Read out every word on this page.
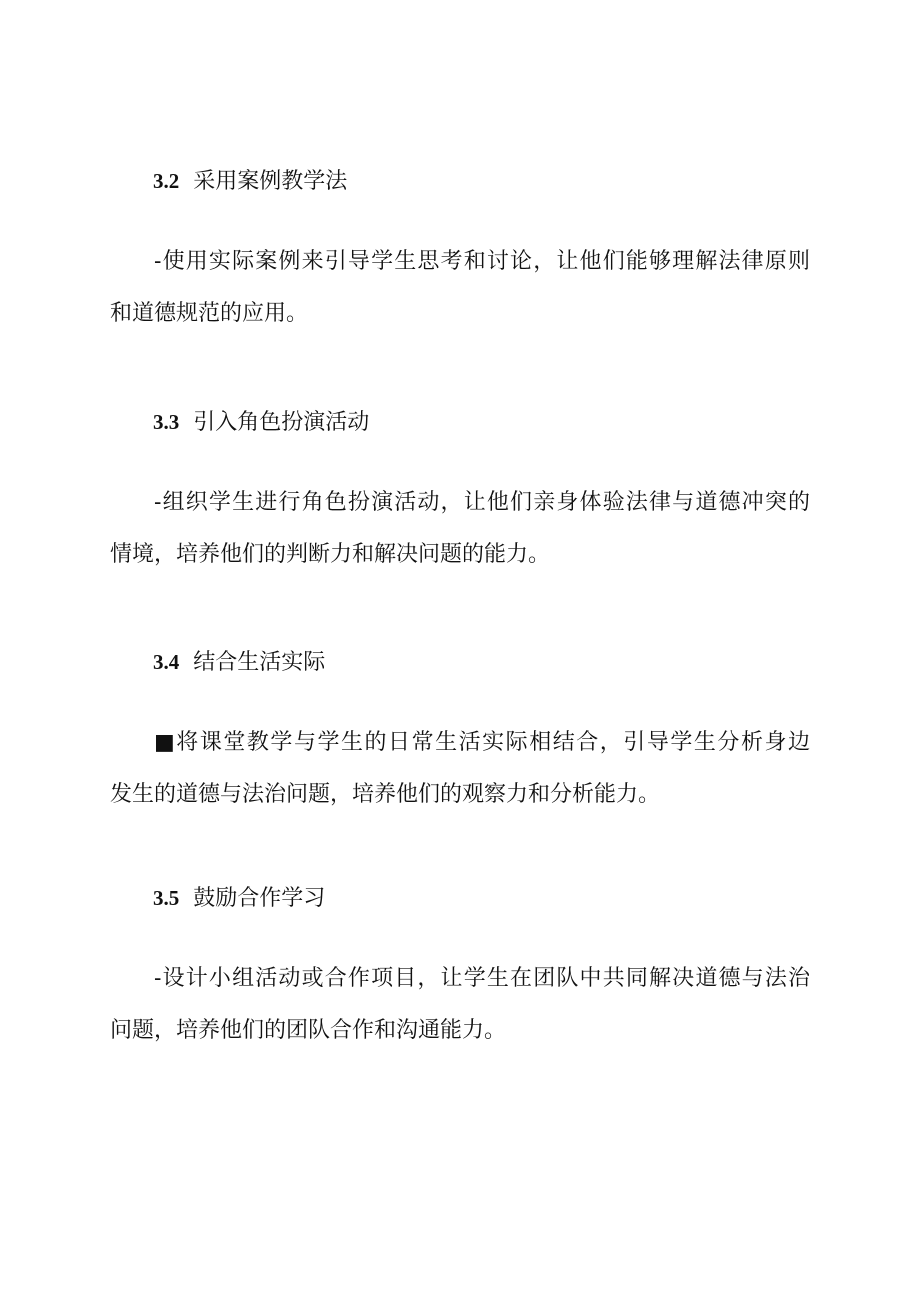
3.2 采用案例教学法
-使用实际案例来引导学生思考和讨论，让他们能够理解法律原则
和道德规范的应用。
3.3 引入角色扮演活动
-组织学生进行角色扮演活动，让他们亲身体验法律与道德冲突的
情境，培养他们的判断力和解决问题的能力。
3.4 结合生活实际
■将课堂教学与学生的日常生活实际相结合，引导学生分析身边
发生的道德与法治问题，培养他们的观察力和分析能力。
3.5 鼓励合作学习
-设计小组活动或合作项目，让学生在团队中共同解决道德与法治
问题，培养他们的团队合作和沟通能力。
